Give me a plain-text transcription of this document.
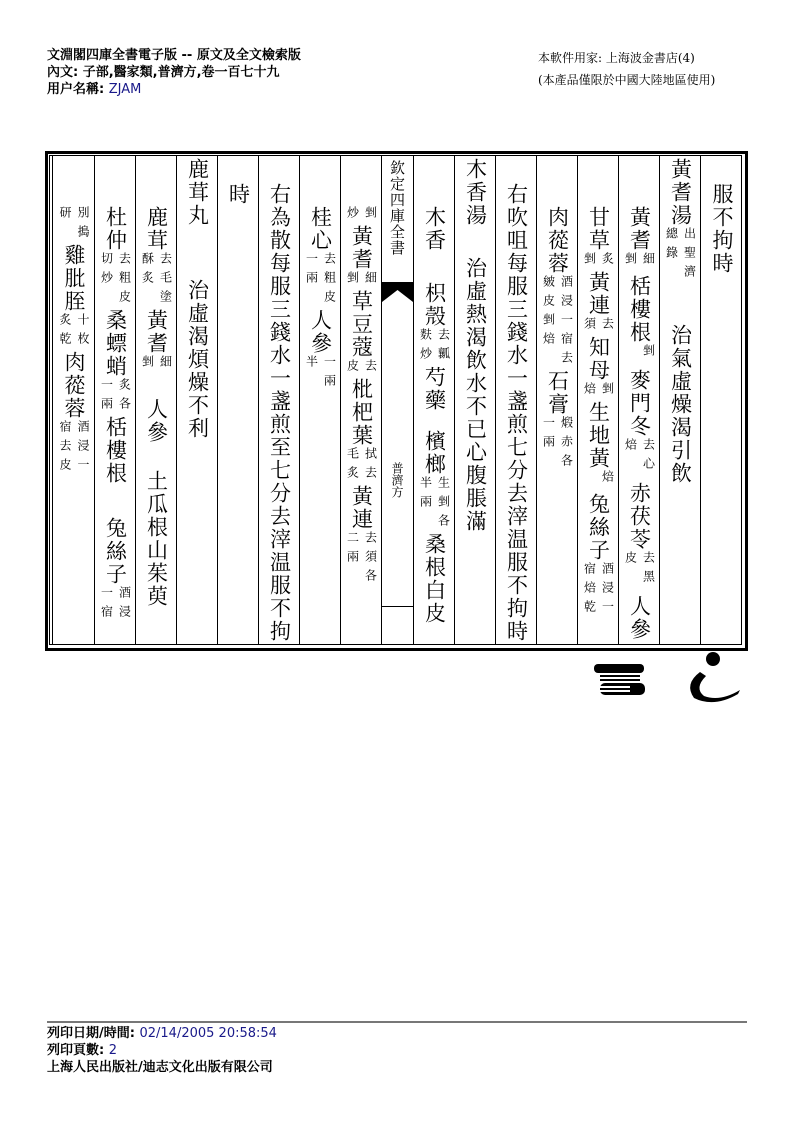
文淵閣四庫全書電子版 -- 原文及全文檢索版
內文: 子部,醫家類,普濟方,卷一百七十九
用户名稱: ZJAM
本軟件用家: 上海波金書店(4)
(本產品僅限於中國大陸地區使用)
服不拘時
黃耆湯
出聖濟
總錄
治氣虛燥渴引飲
黃耆
細
剉
栝樓根
剉
麥門冬
去心
焙
赤茯苓
去黑
皮
人參
甘草
炙
剉
黃連
去
須
知母
剉
焙
生地黃
焙
兔絲子
酒浸一
宿焙乾
肉蓯蓉
酒浸一宿去
皴皮剉焙
石膏
煅赤各
一兩
右吹咀每服三錢水一盞煎七分去滓温服不拘時
木香湯
治虛熱渴飲水不已心腹脹滿
木香
枳殼
去瓤
麩炒
芍藥
檳榔
生剉各
半兩
桑根白皮
剉
炒
黃耆
細
剉
草豆蔻
去
皮
枇杷葉
拭去
毛炙
黃連
去須各
二兩
桂心
去粗皮
一兩
人參
一兩
半
右為散每服三錢水一盞煎至七分去滓温服不拘
時
鹿茸丸
治虛渴煩燥不利
鹿茸
去毛塗
酥炙
黃耆
細
剉
人參
土瓜根
山茱萸
杜仲
去粗皮
切炒
桑螵蛸
炙各
一兩
栝樓根
兔絲子
酒浸
一宿
別搗
研
雞肶胵
十枚
炙乾
肉蓯蓉
酒浸一
宿去皮
欽定四庫全書
普濟方
列印日期/時間: 02/14/2005 20:58:54
列印頁數: 2
上海人民出版社/迪志文化出版有限公司
